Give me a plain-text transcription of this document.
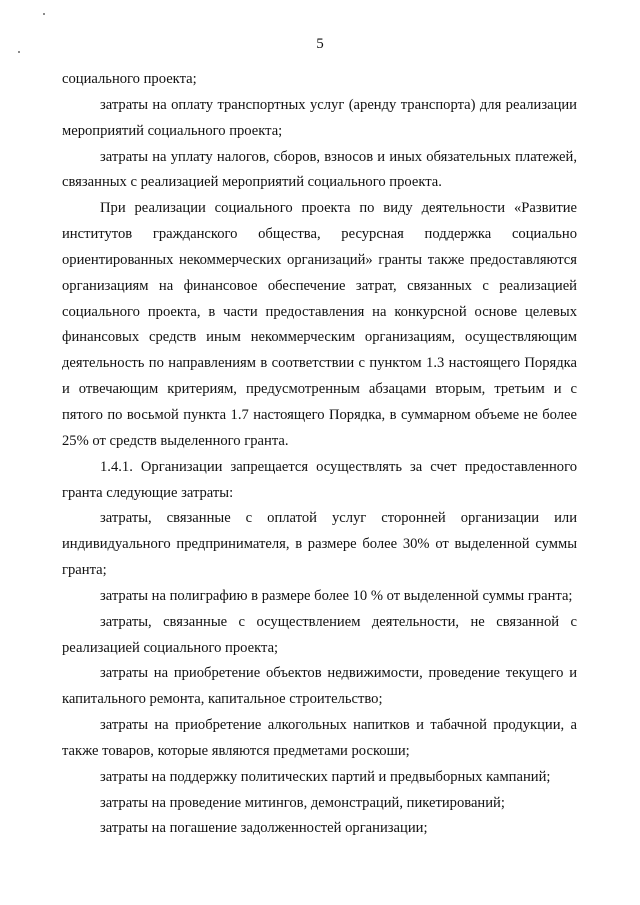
5

социального проекта;

затраты на оплату транспортных услуг (аренду транспорта) для реализации мероприятий социального проекта;

затраты на уплату налогов, сборов, взносов и иных обязательных платежей, связанных с реализацией мероприятий социального проекта.

При реализации социального проекта по виду деятельности «Развитие институтов гражданского общества, ресурсная поддержка социально ориентированных некоммерческих организаций» гранты также предоставляются организациям на финансовое обеспечение затрат, связанных с реализацией социального проекта, в части предоставления на конкурсной основе целевых финансовых средств иным некоммерческим организациям, осуществляющим деятельность по направлениям в соответствии с пунктом 1.3 настоящего Порядка и отвечающим критериям, предусмотренным абзацами вторым, третьим и с пятого по восьмой пункта 1.7 настоящего Порядка, в суммарном объеме не более 25% от средств выделенного гранта.

1.4.1. Организации запрещается осуществлять за счет предоставленного гранта следующие затраты:

затраты, связанные с оплатой услуг сторонней организации или индивидуального предпринимателя, в размере более 30% от выделенной суммы гранта;

затраты на полиграфию в размере более 10 % от выделенной суммы гранта;

затраты, связанные с осуществлением деятельности, не связанной с реализацией социального проекта;

затраты на приобретение объектов недвижимости, проведение текущего и капитального ремонта, капитальное строительство;

затраты на приобретение алкогольных напитков и табачной продукции, а также товаров, которые являются предметами роскоши;

затраты на поддержку политических партий и предвыборных кампаний;

затраты на проведение митингов, демонстраций, пикетирований;

затраты на погашение задолженностей организации;
